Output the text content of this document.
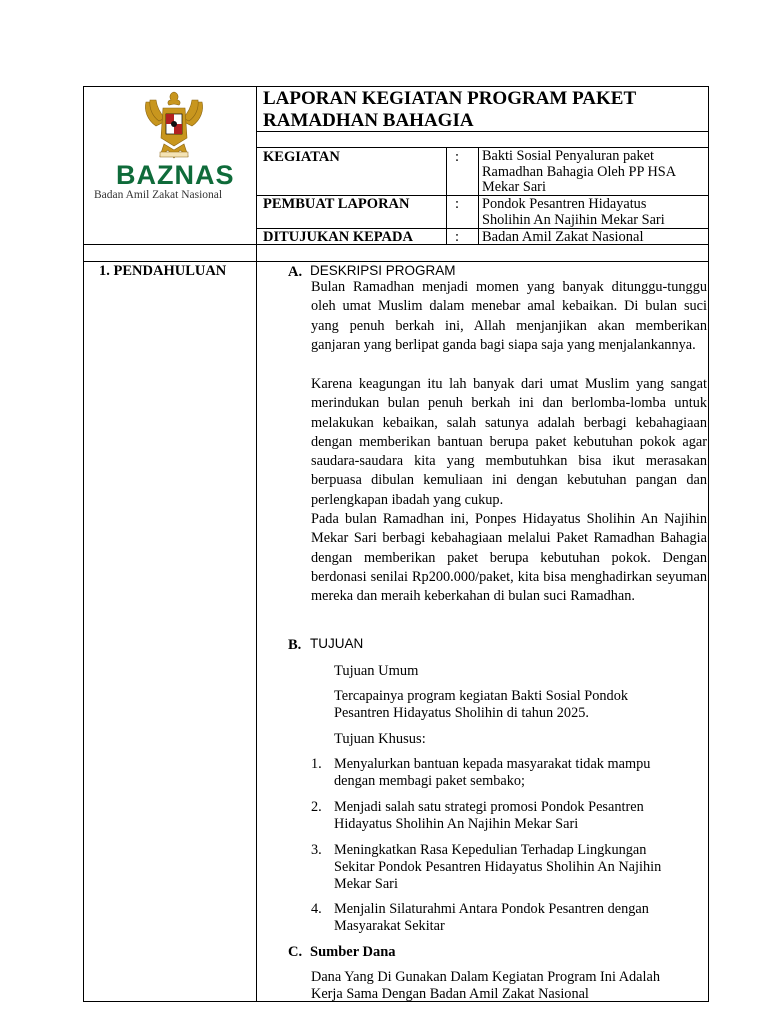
BAZNAS
Badan Amil Zakat Nasional
LAPORAN KEGIATAN PROGRAM PAKET
RAMADHAN BAHAGIA
KEGIATAN	: Bakti Sosial Penyaluran paket
Ramadhan Bahagia Oleh PP HSA
Mekar Sari
PEMBUAT LAPORAN	: Pondok Pesantren Hidayatus
Sholihin An Najihin Mekar Sari
DITUJUKAN KEPADA	: Badan Amil Zakat Nasional
1. PENDAHULUAN	A. DESKRIPSI PROGRAM
Bulan Ramadhan menjadi momen yang banyak ditunggu-tunggu oleh umat Muslim dalam menebar amal kebaikan. Di bulan suci yang penuh berkah ini, Allah menjanjikan akan memberikan ganjaran yang berlipat ganda bagi siapa saja yang menjalankannya.
Karena keagungan itu lah banyak dari umat Muslim yang sangat merindukan bulan penuh berkah ini dan berlomba-lomba untuk melakukan kebaikan, salah satunya adalah berbagi kebahagiaan dengan memberikan bantuan berupa paket kebutuhan pokok agar saudara-saudara kita yang membutuhkan bisa ikut merasakan berpuasa dibulan kemuliaan ini dengan kebutuhan pangan dan perlengkapan ibadah yang cukup.
Pada bulan Ramadhan ini, Ponpes Hidayatus Sholihin An Najihin Mekar Sari berbagi kebahagiaan melalui Paket Ramadhan Bahagia dengan memberikan paket berupa kebutuhan pokok. Dengan berdonasi senilai Rp200.000/paket, kita bisa menghadirkan seyuman mereka dan meraih keberkahan di bulan suci Ramadhan.
B. TUJUAN
Tujuan Umum
Tercapainya program kegiatan Bakti Sosial Pondok
Pesantren Hidayatus Sholihin di tahun 2025.
Tujuan Khusus:
1. Menyalurkan bantuan kepada masyarakat tidak mampu
dengan membagi paket sembako;
2. Menjadi salah satu strategi promosi Pondok Pesantren
Hidayatus Sholihin An Najihin Mekar Sari
3. Meningkatkan Rasa Kepedulian Terhadap Lingkungan
Sekitar Pondok Pesantren Hidayatus Sholihin An Najihin
Mekar Sari
4. Menjalin Silaturahmi Antara Pondok Pesantren dengan
Masyarakat Sekitar
C. Sumber Dana
Dana Yang Di Gunakan Dalam Kegiatan Program Ini Adalah
Kerja Sama Dengan Badan Amil Zakat Nasional
